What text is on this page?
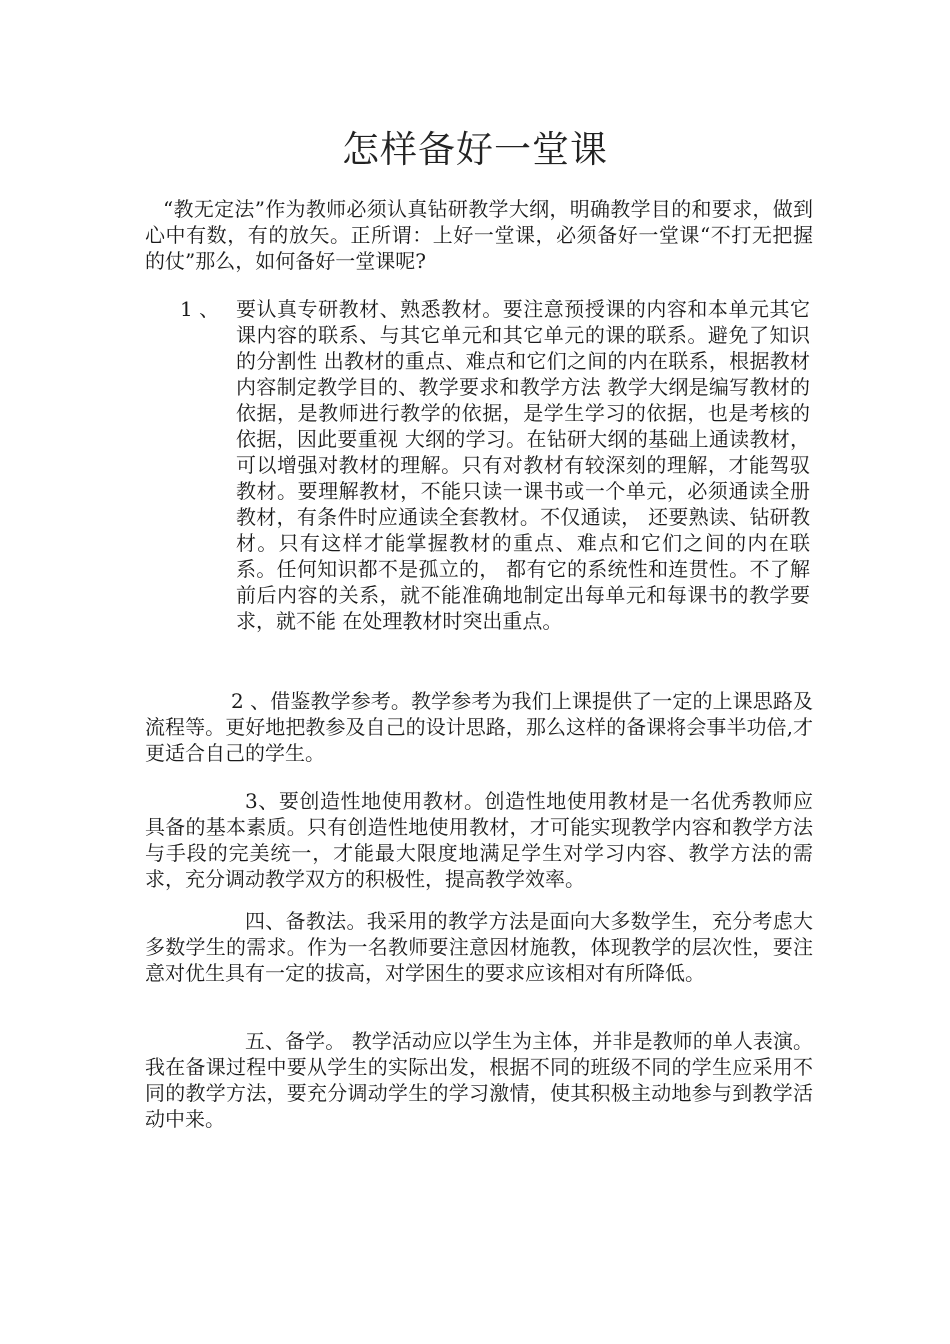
怎样备好一堂课
“教无定法”作为教师必须认真钻研教学大纲，明确教学目的和要求，做到心中有数，有的放矢。正所谓：上好一堂课，必须备好一堂课“不打无把握的仗”那么，如何备好一堂课呢?
1 、 要认真专研教材、熟悉教材。要注意预授课的内容和本单元其它课内容的联系、与其它单元和其它单元的课的联系。避免了知识的分割性 出教材的重点、难点和它们之间的内在联系，根据教材内容制定教学目的、教学要求和教学方法 教学大纲是编写教材的依据，是教师进行教学的依据，是学生学习的依据，也是考核的依据，因此要重视 大纲的学习。在钻研大纲的基础上通读教材，可以增强对教材的理解。只有对教材有较深刻的理解，才能驾驭 教材。要理解教材，不能只读一课书或一个单元，必须通读全册教材，有条件时应通读全套教材。不仅通读， 还要熟读、钻研教材。只有这样才能掌握教材的重点、难点和它们之间的内在联系。任何知识都不是孤立的， 都有它的系统性和连贯性。不了解前后内容的关系，就不能准确地制定出每单元和每课书的教学要求，就不能 在处理教材时突出重点。
2 、借鉴教学参考。教学参考为我们上课提供了一定的上课思路及流程等。更好地把教参及自己的设计思路，那么这样的备课将会事半功倍,才更适合自己的学生。
3、要创造性地使用教材。创造性地使用教材是一名优秀教师应具备的基本素质。只有创造性地使用教材，才可能实现教学内容和教学方法与手段的完美统一，才能最大限度地满足学生对学习内容、教学方法的需求，充分调动教学双方的积极性，提高教学效率。
四、备教法。我采用的教学方法是面向大多数学生，充分考虑大多数学生的需求。作为一名教师要注意因材施教，体现教学的层次性，要注意对优生具有一定的拔高，对学困生的要求应该相对有所降低。
五、备学。 教学活动应以学生为主体，并非是教师的单人表演。 我在备课过程中要从学生的实际出发，根据不同的班级不同的学生应采用不同的教学方法，要充分调动学生的学习激情，使其积极主动地参与到教学活动中来。
